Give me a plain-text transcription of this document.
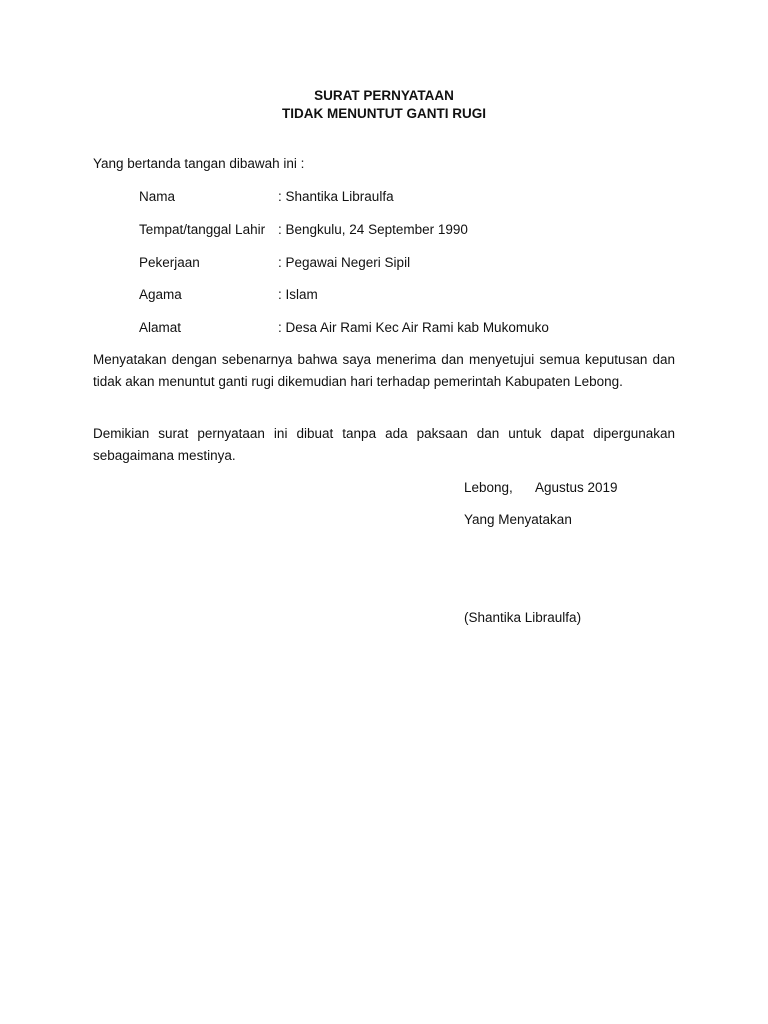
SURAT PERNYATAAN
TIDAK MENUNTUT GANTI RUGI
Yang bertanda tangan dibawah ini :
Nama	: Shantika Libraulfa
Tempat/tanggal Lahir : Bengkulu, 24 September 1990
Pekerjaan	: Pegawai Negeri Sipil
Agama	: Islam
Alamat	: Desa Air Rami Kec Air Rami kab Mukomuko
Menyatakan dengan sebenarnya bahwa saya menerima dan menyetujui semua keputusan dan tidak akan menuntut ganti rugi dikemudian hari terhadap pemerintah Kabupaten Lebong.
Demikian surat pernyataan ini dibuat tanpa ada paksaan dan untuk dapat dipergunakan sebagaimana mestinya.
Lebong, Agustus 2019
Yang Menyatakan
(Shantika Libraulfa)
